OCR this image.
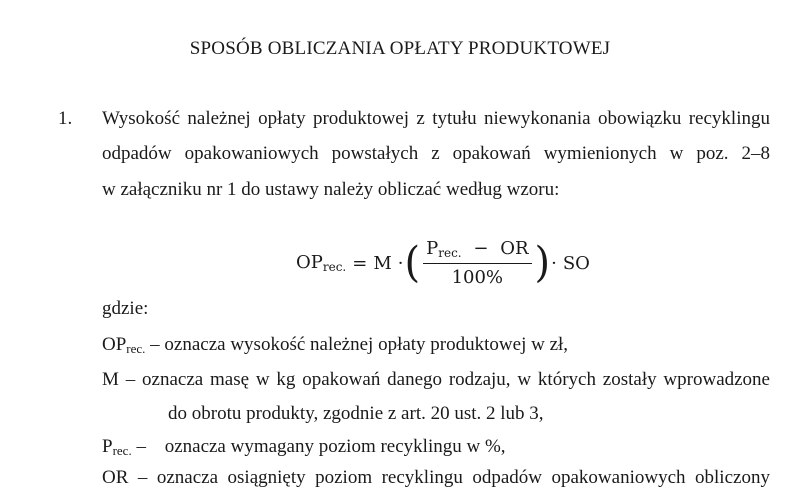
SPOSÓB OBLICZANIA OPŁATY PRODUKTOWEJ
1. Wysokość należnej opłaty produktowej z tytułu niewykonania obowiązku recyklingu
odpadów opakowaniowych powstałych z opakowań wymienionych w poz. 2–8
w załączniku nr 1 do ustawy należy obliczać według wzoru:
$OP_{rec.} = M$ · ( $\frac{P_{rec.} - OR}{100\%}$ ) · SO
gdzie:
$OP_{rec.}$ – oznacza wysokość należnej opłaty produktowej w zł,
M – oznacza masę w kg opakowań danego rodzaju, w których zostały wprowadzone
do obrotu produkty, zgodnie z art. 20 ust. 2 lub 3,
$P_{rec.}$ – oznacza wymagany poziom recyklingu w %,
OR – oznacza osiągnięty poziom recyklingu odpadów opakowaniowych obliczony
